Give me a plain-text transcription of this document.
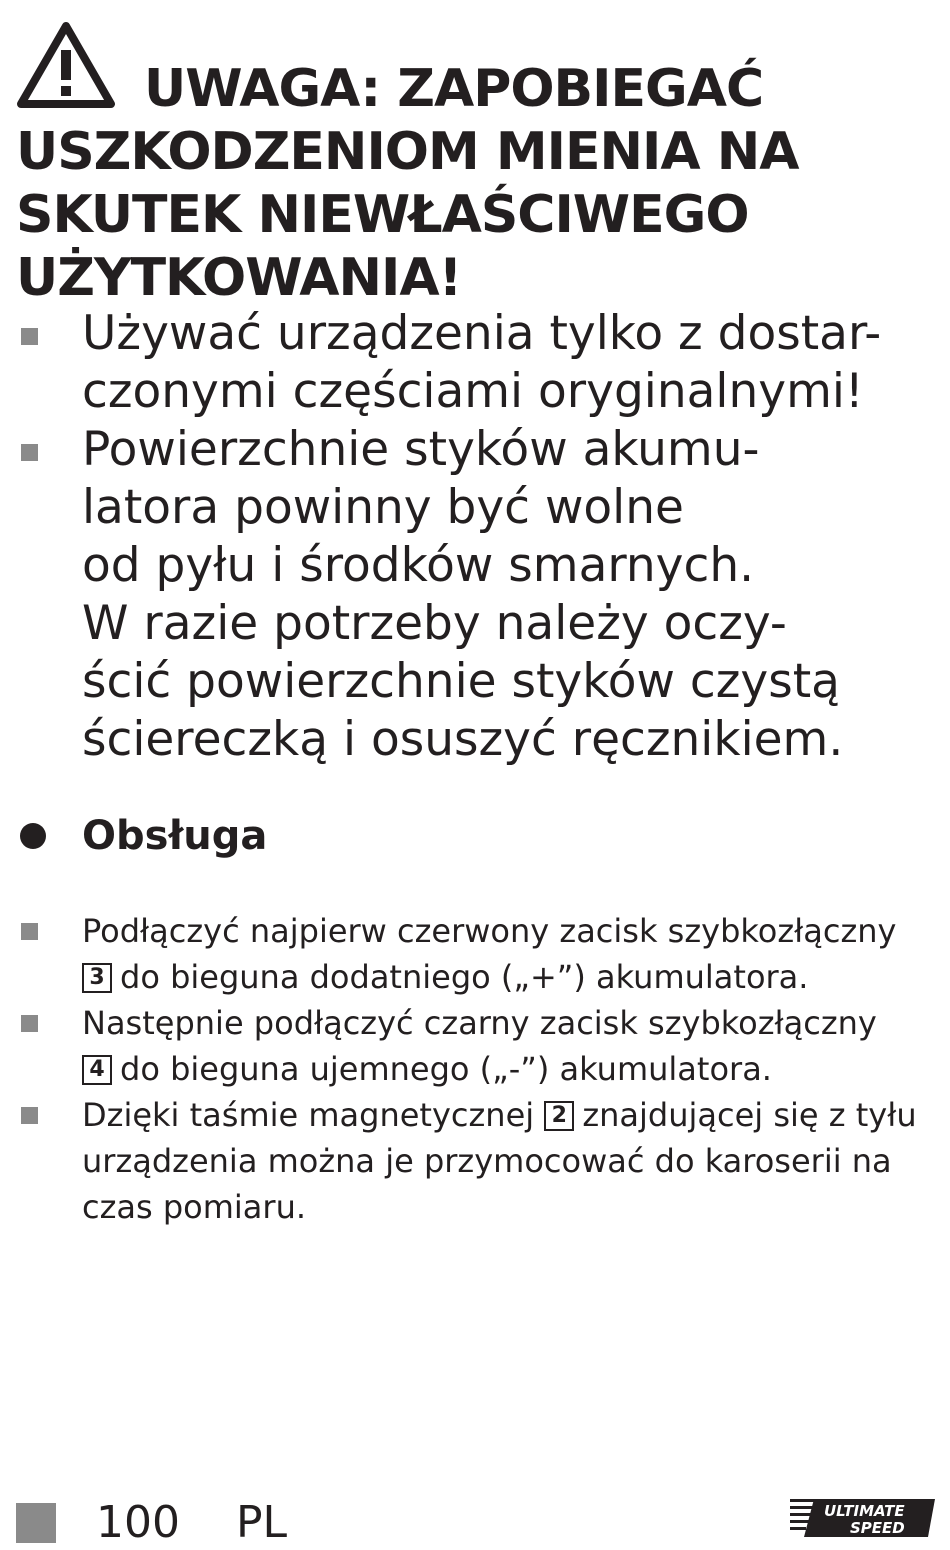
UWAGA: ZAPOBIEGAĆ USZKODZENIOM MIENIA NA SKUTEK NIEWŁAŚCIWEGO UŻYTKOWANIA!
Używać urządzenia tylko z dostar-
czonymi częściami oryginalnymi!
Powierzchnie styków akumu-
latora powinny być wolne
od pyłu i środków smarnych.
W razie potrzeby należy oczy-
ścić powierzchnie styków czystą
ściereczką i osuszyć ręcznikiem.
Obsługa
Podłączyć najpierw czerwony zacisk szybkozłączny
3 do bieguna dodatniego („+”) akumulatora.
Następnie podłączyć czarny zacisk szybkozłączny
4 do bieguna ujemnego („-”) akumulatora.
Dzięki taśmie magnetycznej 2 znajdującej się z tyłu
urządzenia można je przymocować do karoserii na
czas pomiaru.
100 PL	ULTIMATE
SPEED
